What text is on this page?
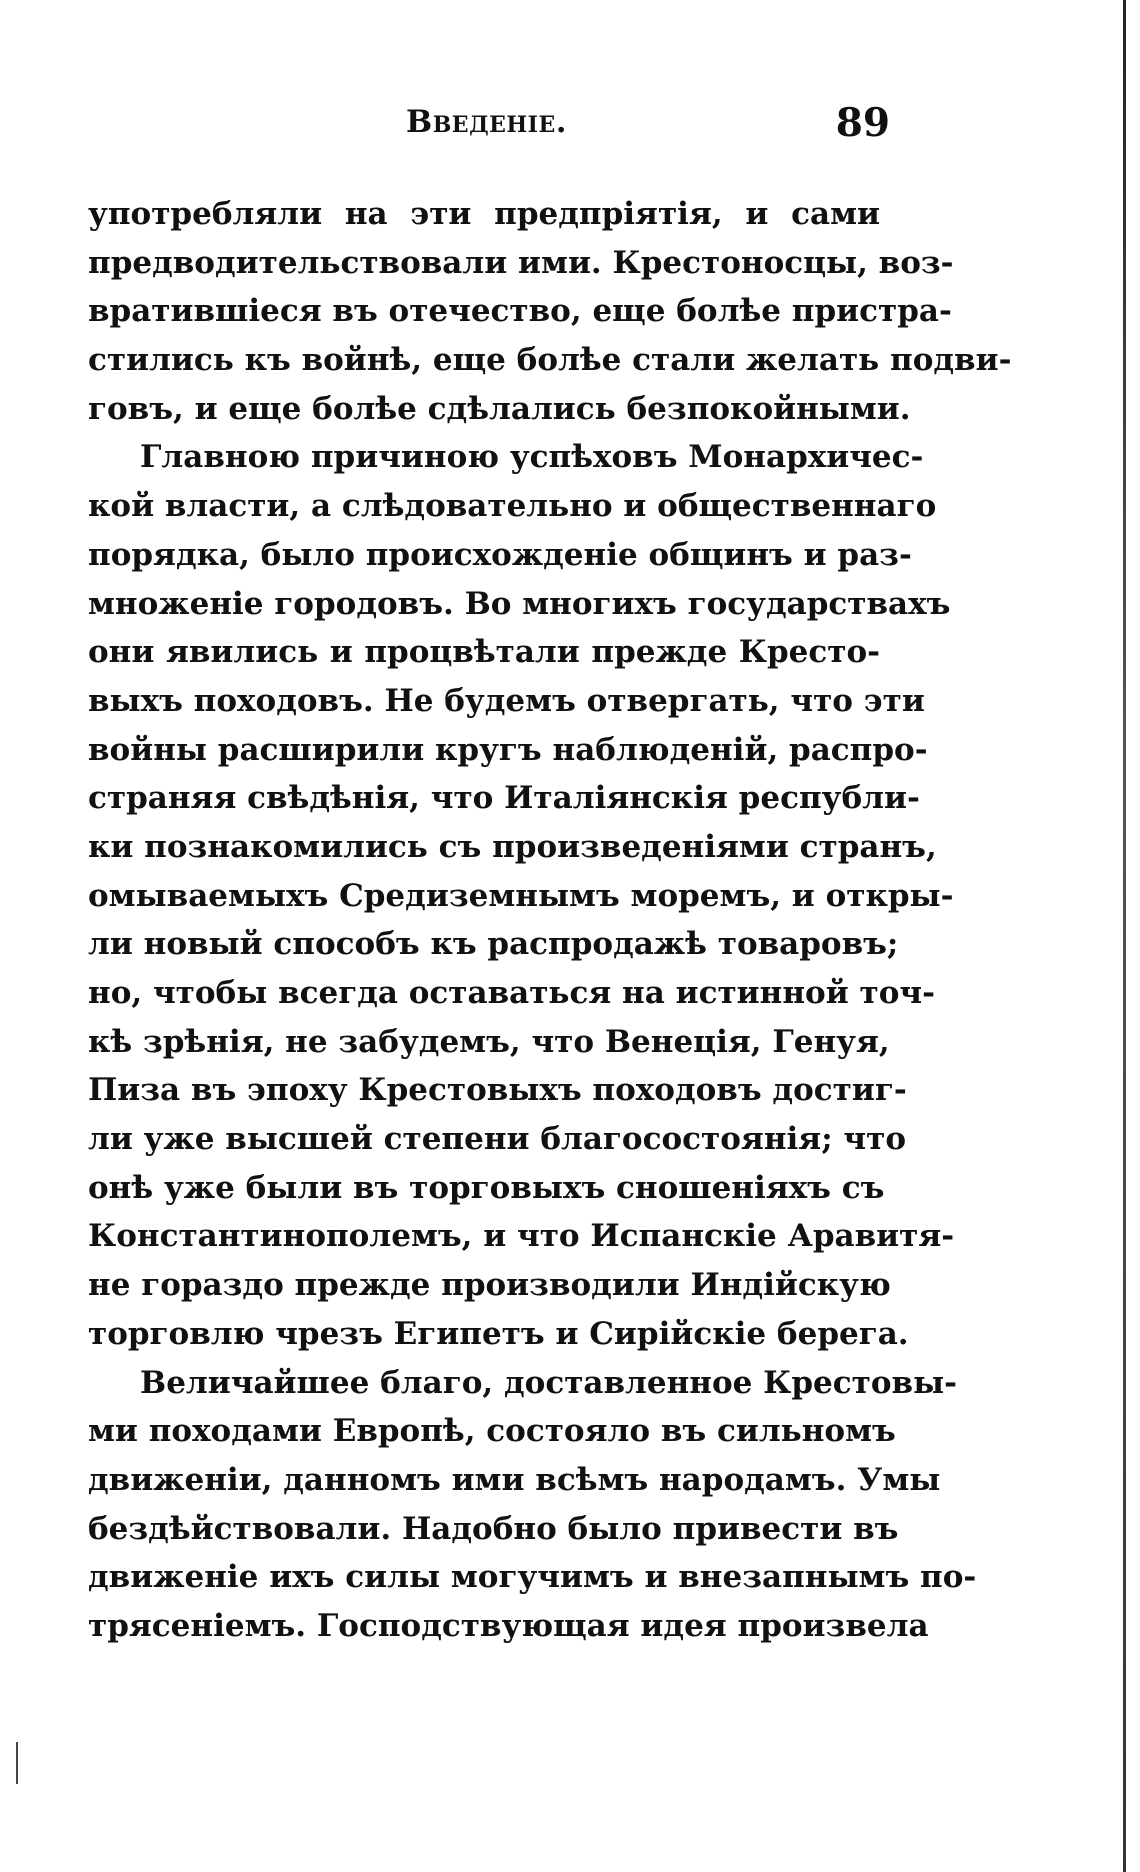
Введеніе.	89
употребляли на эти предпріятія, и сами
предводительствовали ими. Крестоносцы, воз-
вратившіеся въ отечество, еще болѣе пристра-
стились къ войнѣ, еще болѣе стали желать подви-
говъ, и еще болѣе сдѣлались безпокойными.
Главною причиною успѣховъ Монархичес-
кой власти, а слѣдовательно и общественнаго
порядка, было происхожденіе общинъ и раз-
множеніе городовъ. Во многихъ государствахъ
они явились и процвѣтали прежде Кресто-
выхъ походовъ. Не будемъ отвергать, что эти
войны расширили кругъ наблюденій, распро-
страняя свѣдѣнія, что Италіянскія республи-
ки познакомились съ произведеніями странъ,
омываемыхъ Средиземнымъ моремъ, и откры-
ли новый способъ къ распродажѣ товаровъ;
но, чтобы всегда оставаться на истинной точ-
кѣ зрѣнія, не забудемъ, что Венеція, Генуя,
Пиза въ эпоху Крестовыхъ походовъ достиг-
ли уже высшей степени благосостоянія; что
онѣ уже были въ торговыхъ сношеніяхъ съ
Константинополемъ, и что Испанскіе Аравитя-
не гораздо прежде производили Индійскую
торговлю чрезъ Египетъ и Сирійскіе берега.
Величайшее благо, доставленное Крестовы-
ми походами Европѣ, состояло въ сильномъ
движеніи, данномъ ими всѣмъ народамъ. Умы
бездѣйствовали. Надобно было привести въ
движеніе ихъ силы могучимъ и внезапнымъ по-
трясеніемъ. Господствующая идея произвела
